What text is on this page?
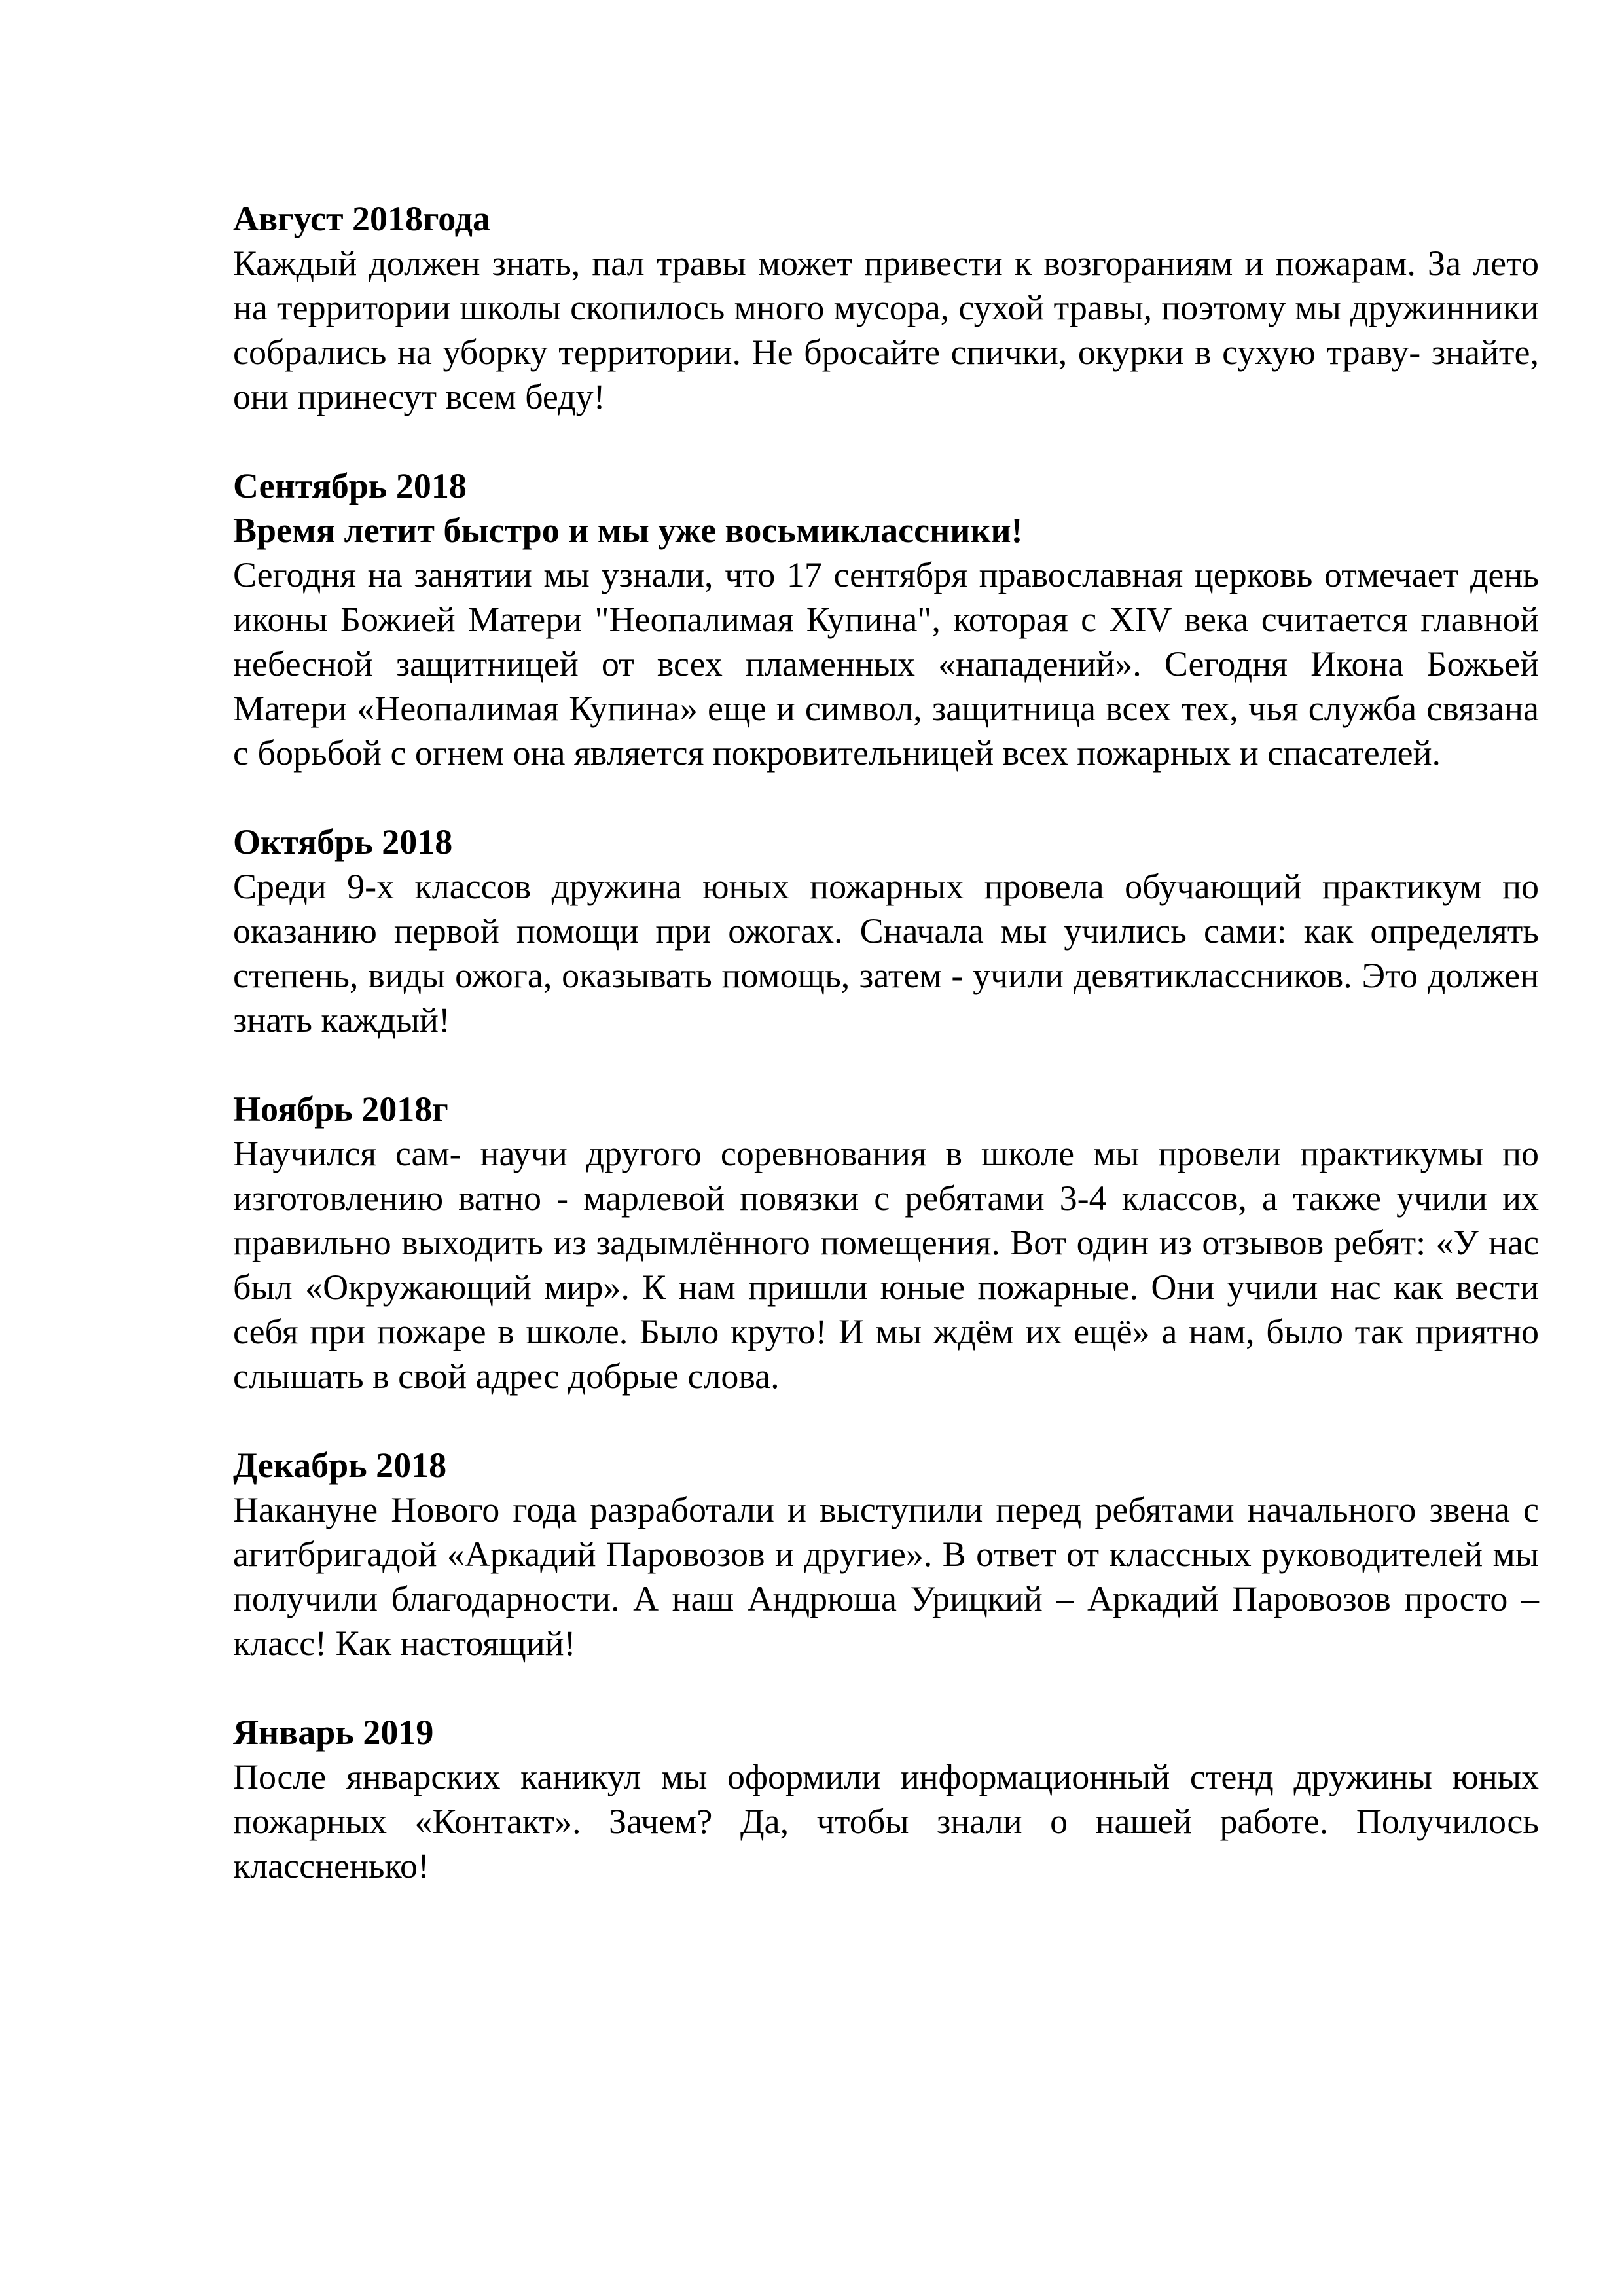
Август 2018года

Каждый должен знать, пал травы может привести к возгораниям и пожарам. За лето на территории школы скопилось много мусора, сухой травы, поэтому мы дружинники собрались на уборку территории. Не бросайте спички, окурки в сухую траву- знайте, они принесут всем беду!

Сентябрь 2018

Время летит быстро и мы уже восьмиклассники!

Сегодня на занятии мы узнали, что 17 сентября православная церковь отмечает день иконы Божией Матери "Неопалимая Купина", которая с XIV века считается главной небесной защитницей от всех пламенных «нападений». Сегодня Икона Божьей Матери «Неопалимая Купина» еще и символ, защитница всех тех, чья служба связана с борьбой с огнем она является покровительницей всех пожарных и спасателей.

Октябрь 2018

Среди 9-х классов дружина юных пожарных провела обучающий практикум по оказанию первой помощи при ожогах. Сначала мы учились сами: как определять степень, виды ожога, оказывать помощь, затем - учили девятиклассников. Это должен знать каждый!

Ноябрь 2018г

Научился сам- научи другого соревнования в школе мы провели практикумы по изготовлению ватно - марлевой повязки с ребятами 3-4 классов, а также учили их правильно выходить из задымлённого помещения. Вот один из отзывов ребят: «У нас был «Окружающий мир». К нам пришли юные пожарные. Они учили нас как вести себя при пожаре в школе. Было круто! И мы ждём их ещё» а нам, было так приятно слышать в свой адрес добрые слова.

Декабрь 2018

Накануне Нового года разработали и выступили перед ребятами начального звена с агитбригадой «Аркадий Паровозов и другие». В ответ от классных руководителей мы получили благодарности. А наш Андрюша Урицкий – Аркадий Паровозов просто – класс! Как настоящий!

Январь 2019

После январских каникул мы оформили информационный стенд дружины юных пожарных «Контакт». Зачем? Да, чтобы знали о нашей работе. Получилось классненько!
